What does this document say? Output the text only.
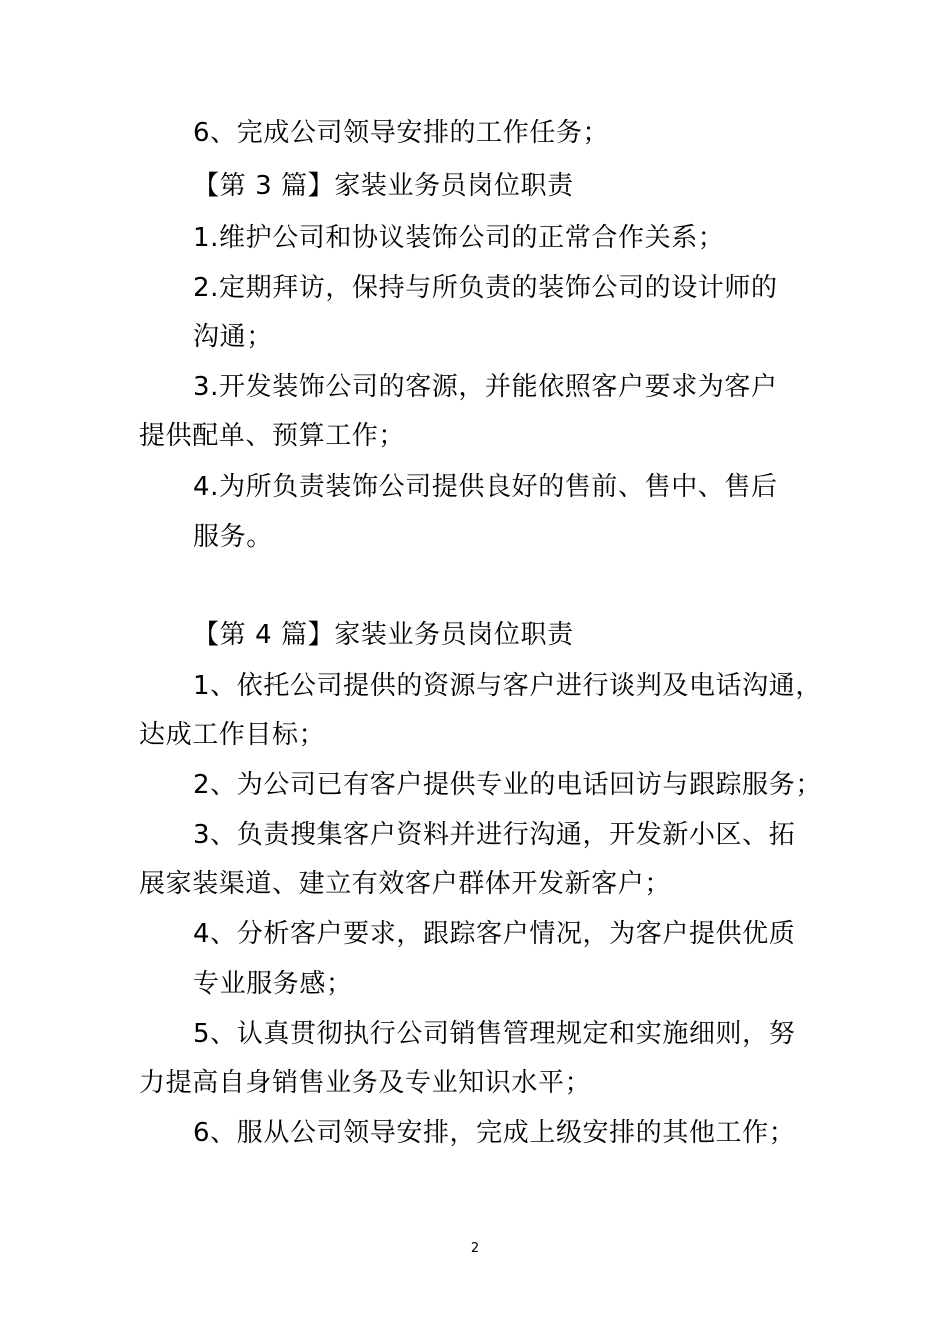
6、完成公司领导安排的工作任务；
【第 3 篇】家装业务员岗位职责
1.维护公司和协议装饰公司的正常合作关系；
2.定期拜访，保持与所负责的装饰公司的设计师的
沟通；
3.开发装饰公司的客源，并能依照客户要求为客户
提供配单、预算工作；
4.为所负责装饰公司提供良好的售前、售中、售后
服务。
【第 4 篇】家装业务员岗位职责
1、依托公司提供的资源与客户进行谈判及电话沟通，
达成工作目标；
2、为公司已有客户提供专业的电话回访与跟踪服务；
3、负责搜集客户资料并进行沟通，开发新小区、拓
展家装渠道、建立有效客户群体开发新客户；
4、分析客户要求，跟踪客户情况，为客户提供优质
专业服务感；
5、认真贯彻执行公司销售管理规定和实施细则，努
力提高自身销售业务及专业知识水平；
6、服从公司领导安排，完成上级安排的其他工作；
2
